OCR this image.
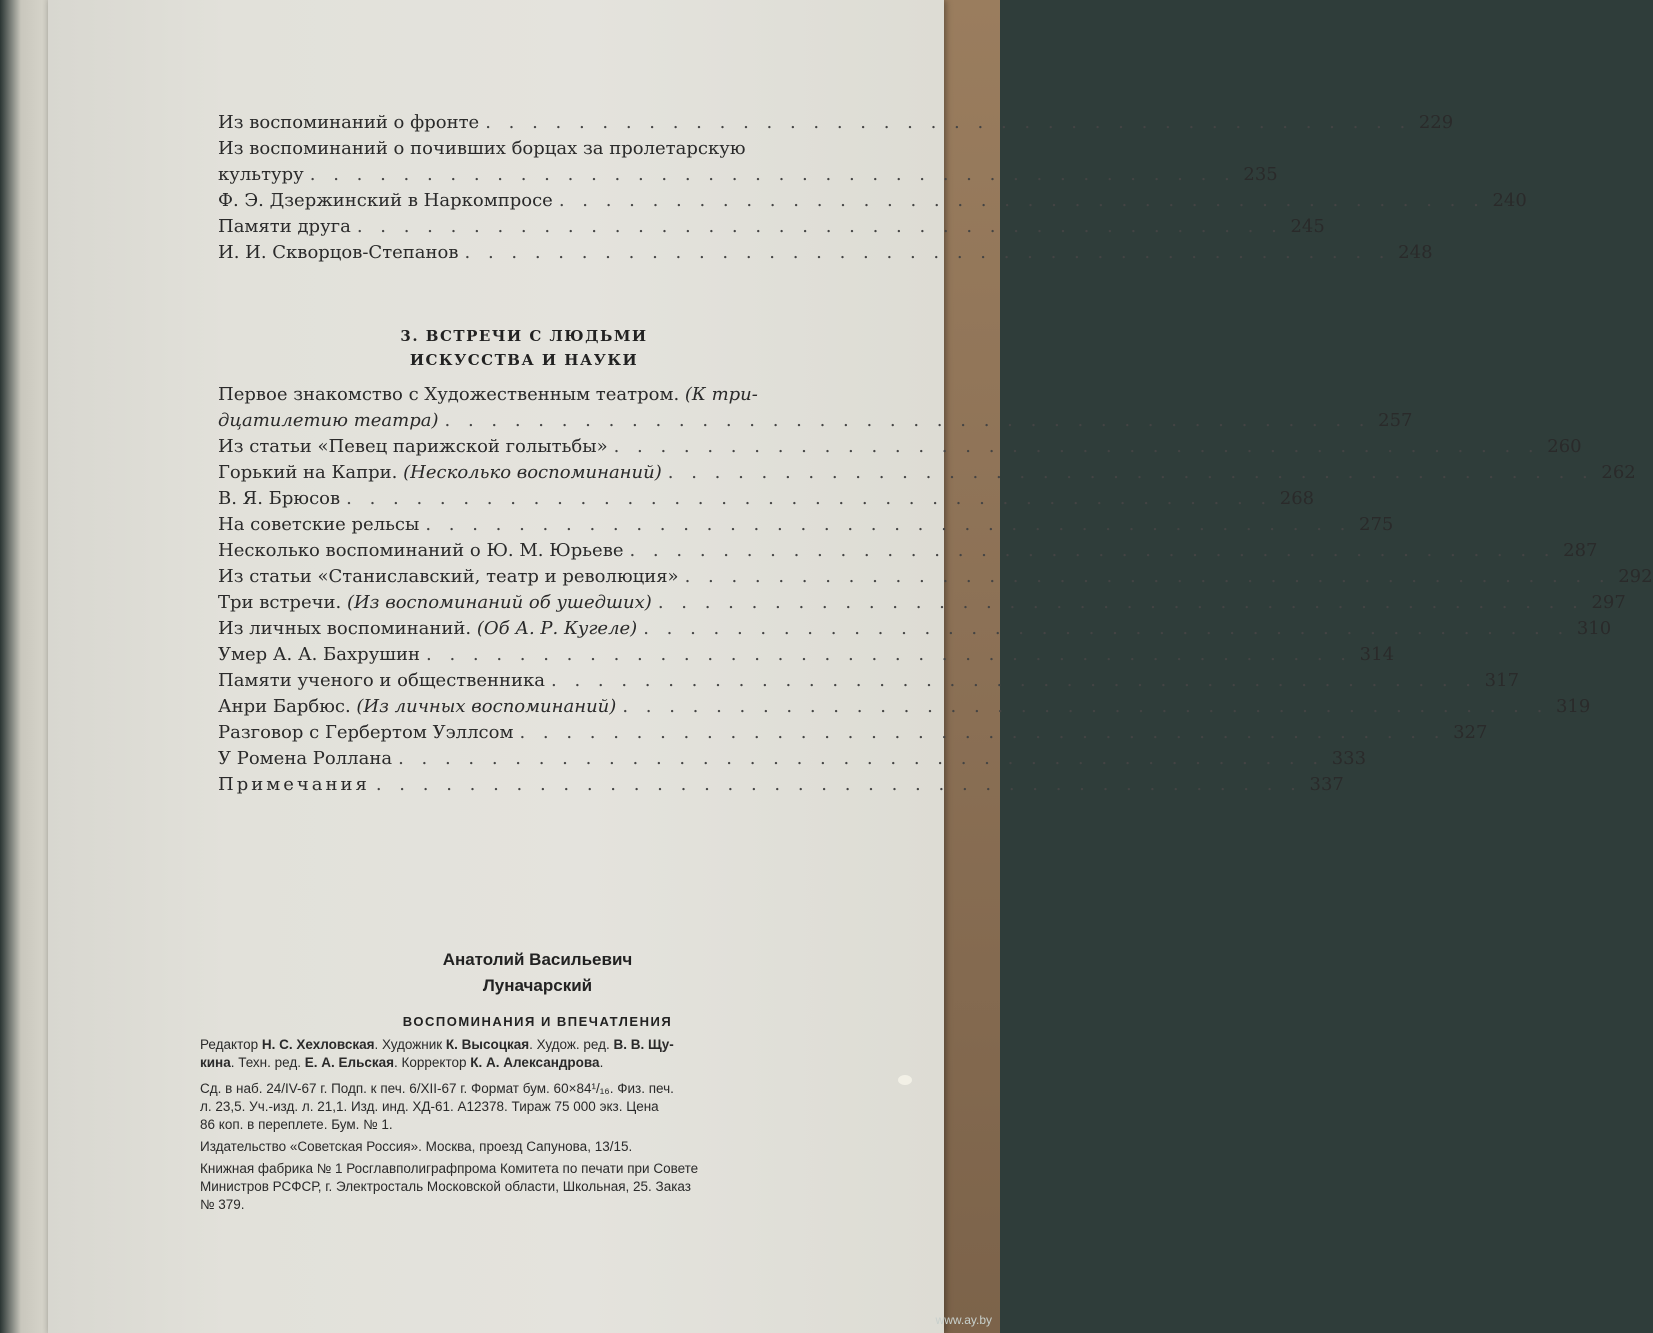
Из воспоминаний о фронте . . . . . . . . . . . . . . . . . . . . . . . . . . . . . . . . . . . . . . . . 229
Из воспоминаний о почивших борцах за пролетарскую
культуру . . . . . . . . . . . . . . . . . . . . . . . . . . . . . . . . . . . . . . . . 235
Ф. Э. Дзержинский в Наркомпросе . . . . . . . . . . . . . . . . . . . . . . . . . . . . . . . . . . . . . . . . 240
Памяти друга . . . . . . . . . . . . . . . . . . . . . . . . . . . . . . . . . . . . . . . . 245
И. И. Скворцов-Степанов . . . . . . . . . . . . . . . . . . . . . . . . . . . . . . . . . . . . . . . . 248
3. ВСТРЕЧИ С ЛЮДЬМИ
ИСКУССТВА И НАУКИ
Первое знакомство с Художественным театром. (К три-
дцатилетию театра) . . . . . . . . . . . . . . . . . . . . . . . . . . . . . . . . . . . . . . . . 257
Из статьи «Певец парижской голытьбы» . . . . . . . . . . . . . . . . . . . . . . . . . . . . . . . . . . . . . . . . 260
Горький на Капри. (Несколько воспоминаний) . . . . . . . . . . . . . . . . . . . . . . . . . . . . . . . . . . . . . . . . 262
В. Я. Брюсов . . . . . . . . . . . . . . . . . . . . . . . . . . . . . . . . . . . . . . . . 268
На советские рельсы . . . . . . . . . . . . . . . . . . . . . . . . . . . . . . . . . . . . . . . . 275
Несколько воспоминаний о Ю. М. Юрьеве . . . . . . . . . . . . . . . . . . . . . . . . . . . . . . . . . . . . . . . . 287
Из статьи «Станиславский, театр и революция» . . . . . . . . . . . . . . . . . . . . . . . . . . . . . . . . . . . . . . . . 292
Три встречи. (Из воспоминаний об ушедших) . . . . . . . . . . . . . . . . . . . . . . . . . . . . . . . . . . . . . . . . 297
Из личных воспоминаний. (Об А. Р. Кугеле) . . . . . . . . . . . . . . . . . . . . . . . . . . . . . . . . . . . . . . . . 310
Умер А. А. Бахрушин . . . . . . . . . . . . . . . . . . . . . . . . . . . . . . . . . . . . . . . . 314
Памяти ученого и общественника . . . . . . . . . . . . . . . . . . . . . . . . . . . . . . . . . . . . . . . . 317
Анри Барбюс. (Из личных воспоминаний) . . . . . . . . . . . . . . . . . . . . . . . . . . . . . . . . . . . . . . . . 319
Разговор с Гербертом Уэллсом . . . . . . . . . . . . . . . . . . . . . . . . . . . . . . . . . . . . . . . . 327
У Ромена Роллана . . . . . . . . . . . . . . . . . . . . . . . . . . . . . . . . . . . . . . . . 333
Примечания . . . . . . . . . . . . . . . . . . . . . . . . . . . . . . . . . . . . . . . . 337
Анатолий Васильевич
Луначарский
ВОСПОМИНАНИЯ И ВПЕЧАТЛЕНИЯ
Редактор Н. С. Хехловская. Художник К. Высоцкая. Худож. ред. В. В. Щу-
кина. Техн. ред. Е. А. Ельская. Корректор К. А. Александрова.
Сд. в наб. 24/IV-67 г. Подп. к печ. 6/XII-67 г. Формат бум. 60×84¹/₁₆. Физ. печ.
л. 23,5. Уч.-изд. л. 21,1. Изд. инд. ХД-61. А12378. Тираж 75 000 экз. Цена
86 коп. в переплете. Бум. № 1.
Издательство «Советская Россия». Москва, проезд Сапунова, 13/15.
Книжная фабрика № 1 Росглавполиграфпрома Комитета по печати при Совете
Министров РСФСР, г. Электросталь Московской области, Школьная, 25. Заказ
№ 379.
www.ay.by
